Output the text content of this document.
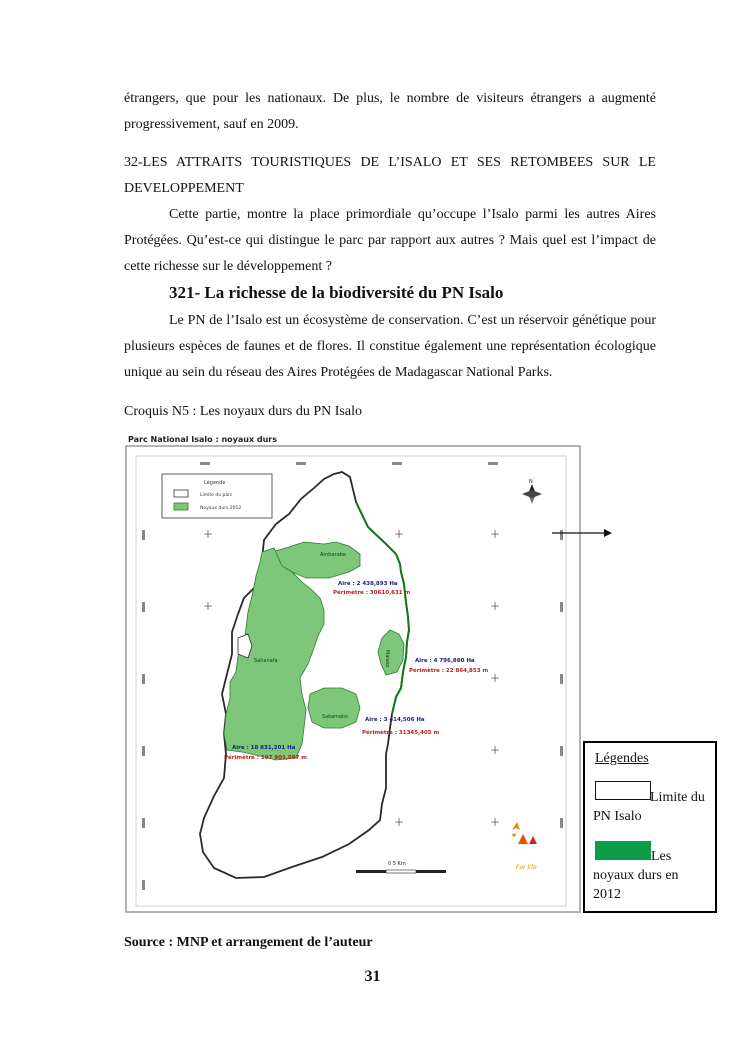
étrangers, que pour les nationaux. De plus, le nombre de visiteurs étrangers a augmenté
progressivement, sauf en 2009.
32-LES ATTRAITS TOURISTIQUES DE L’ISALO ET SES RETOMBEES SUR LE
DEVELOPPEMENT
Cette partie, montre la place primordiale qu’occupe l’Isalo parmi les autres Aires Protégées. Qu’est-ce qui distingue le parc par rapport aux autres ? Mais quel est l’impact de cette richesse sur le développement ?
321- La richesse de la biodiversité du PN Isalo
Le PN de l’Isalo est un écosystème de conservation. C’est un réservoir génétique pour plusieurs espèces de faunes et de flores. Il constitue également une représentation écologique unique au sein du réseau des Aires Protégées de Madagascar National Parks.
Croquis N5 : Les noyaux durs du PN Isalo
Parc National Isalo : noyaux durs
Ambarabe
Malaso
Sahanafa
Sakamalio
Aire : 2 438,893 Ha
Périmètre : 30610,631 m
Aire : 4 796,880 Ha
Périmètre : 22 864,853 m
Aire : 18 831,201 Ha
Périmètre : 107 901,097 m
Aire : 3 414,506 Ha
Périmètre : 31345,405 m
Légende
Limite du parc
Noyaux durs 2012
N
0 5 Km	For life
Légendes
Limite du PN Isalo
Les noyaux durs en 2012
Source : MNP et arrangement de l’auteur
31
